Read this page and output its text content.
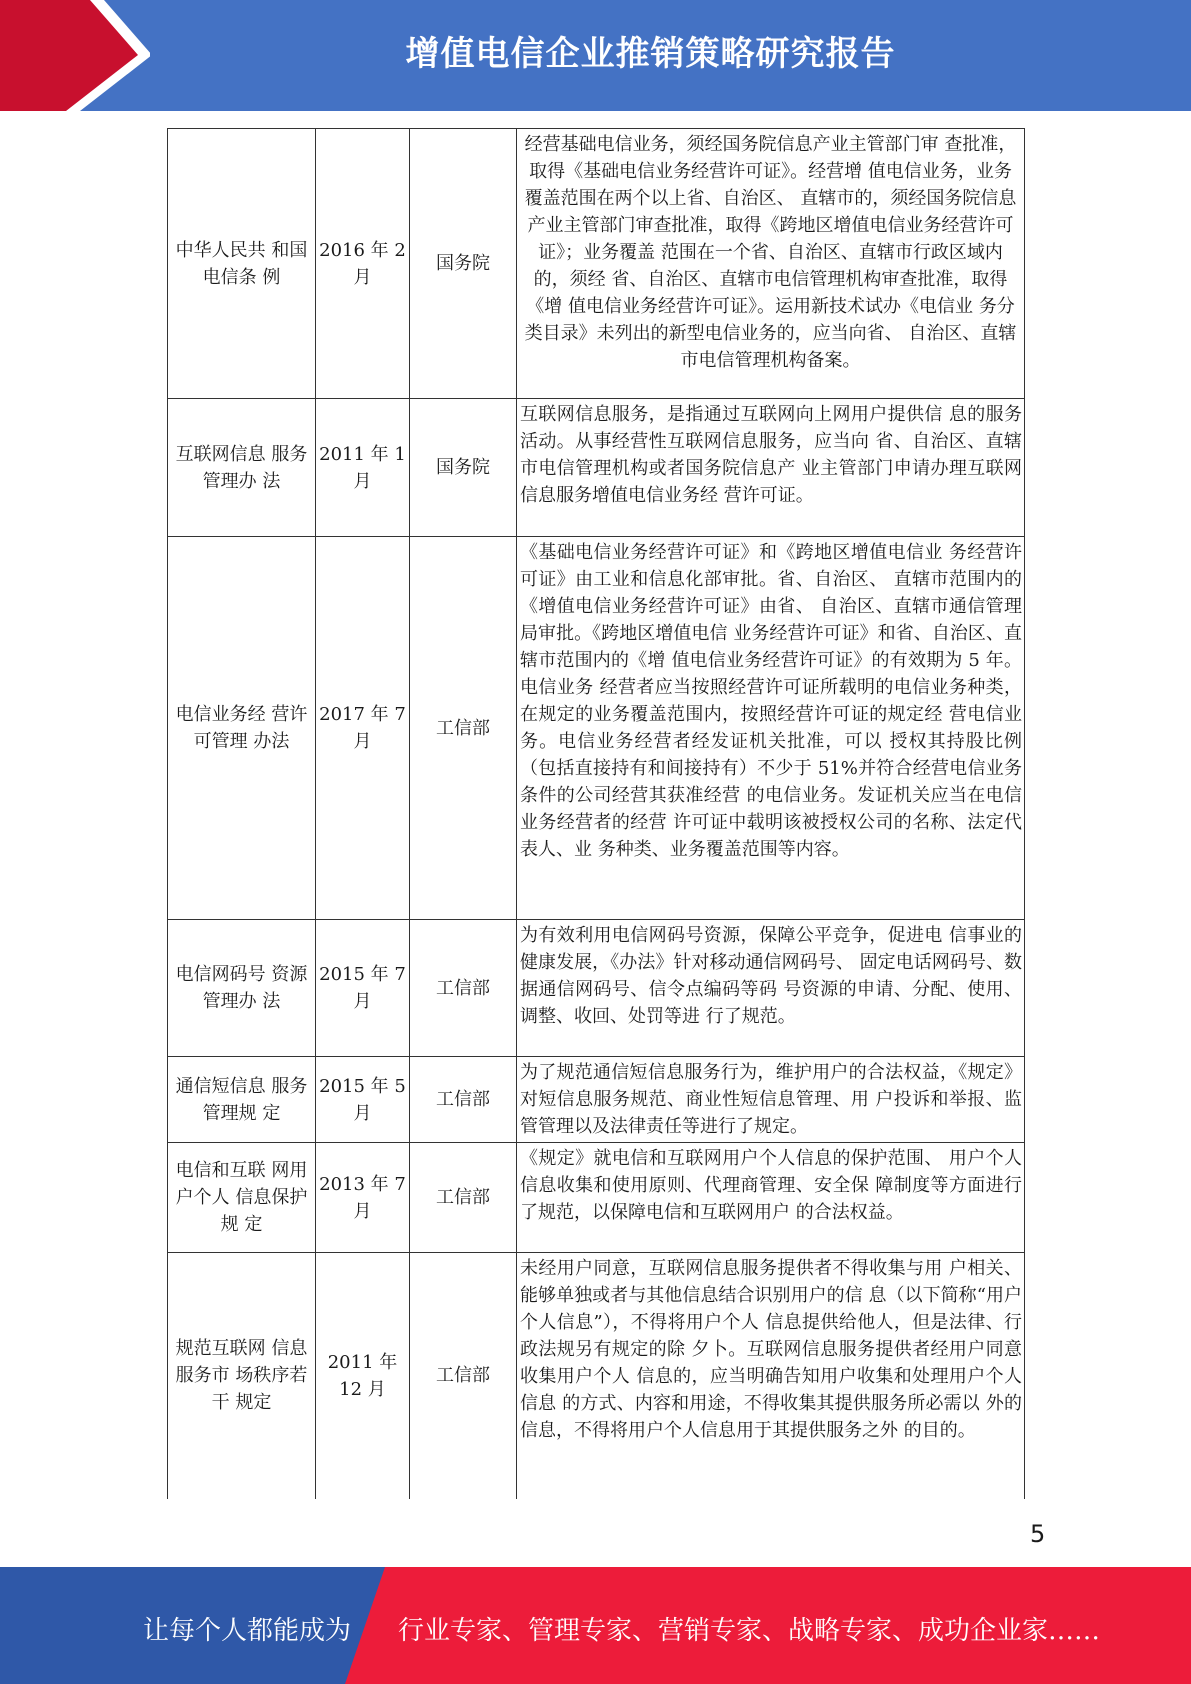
增值电信企业推销策略研究报告
中华人民共 和国电信条 例	2016 年 2 月	国务院	经营基础电信业务，须经国务院信息产业主管部门审 查批准，取得《基础电信业务经营许可证》。经营增 值电信业务，业务覆盖范围在两个以上省、自治区、 直辖市的，须经国务院信息产业主管部门审查批准，取得《跨地区增值电信业务经营许可证》；业务覆盖 范围在一个省、自治区、直辖市行政区域内的，须经 省、自治区、直辖市电信管理机构审查批准，取得《增 值电信业务经营许可证》。运用新技术试办《电信业 务分类目录》未列出的新型电信业务的，应当向省、 自治区、直辖市电信管理机构备案。
互联网信息 服务管理办 法	2011 年 1 月	国务院	互联网信息服务，是指通过互联网向上网用户提供信 息的服务活动。从事经营性互联网信息服务，应当向 省、自治区、直辖市电信管理机构或者国务院信息产 业主管部门申请办理互联网信息服务增值电信业务经 营许可证。
电信业务经 营许可管理 办法	2017 年 7 月	工信部	《基础电信业务经营许可证》和《跨地区增值电信业 务经营许可证》由工业和信息化部审批。省、自治区、 直辖市范围内的《增值电信业务经营许可证》由省、 自治区、直辖市通信管理局审批。《跨地区增值电信 业务经营许可证》和省、自治区、直辖市范围内的《增 值电信业务经营许可证》的有效期为 5 年。电信业务 经营者应当按照经营许可证所载明的电信业务种类， 在规定的业务覆盖范围内，按照经营许可证的规定经 营电信业务。电信业务经营者经发证机关批准，可以 授权其持股比例（包括直接持有和间接持有）不少于 51%并符合经营电信业务条件的公司经营其获准经营 的电信业务。发证机关应当在电信业务经营者的经营 许可证中载明该被授权公司的名称、法定代表人、业 务种类、业务覆盖范围等内容。
电信网码号 资源管理办 法	2015 年 7 月	工信部	为有效利用电信网码号资源，保障公平竞争，促进电 信事业的健康发展，《办法》针对移动通信网码号、 固定电话网码号、数据通信网码号、信令点编码等码 号资源的申请、分配、使用、调整、收回、处罚等进 行了规范。
通信短信息 服务管理规 定	2015 年 5 月	工信部	为了规范通信短信息服务行为，维护用户的合法权益，《规定》对短信息服务规范、商业性短信息管理、用 户投诉和举报、监管管理以及法律责任等进行了规定。
电信和互联 网用户个人 信息保护规 定	2013 年 7 月	工信部	《规定》就电信和互联网用户个人信息的保护范围、 用户个人信息收集和使用原则、代理商管理、安全保 障制度等方面进行了规范，以保障电信和互联网用户 的合法权益。
规范互联网 信息服务市 场秩序若干 规定	2011 年 12 月	工信部	未经用户同意，互联网信息服务提供者不得收集与用 户相关、能够单独或者与其他信息结合识别用户的信 息（以下简称“用户个人信息”），不得将用户个人 信息提供给他人，但是法律、行政法规另有规定的除 夕卜。互联网信息服务提供者经用户同意收集用户个人 信息的，应当明确告知用户收集和处理用户个人信息 的方式、内容和用途，不得收集其提供服务所必需以 外的信息，不得将用户个人信息用于其提供服务之外 的目的。
5
让每个人都能成为 行业专家、管理专家、营销专家、战略专家、成功企业家……
